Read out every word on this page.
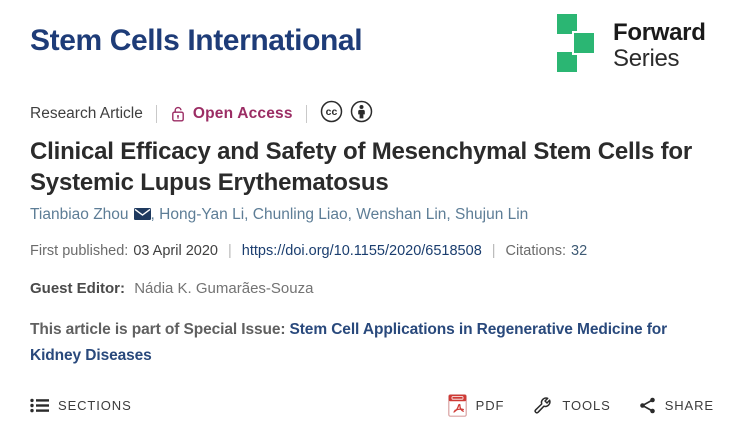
Stem Cells International	Forward
Series
Research Article	Open Access	cc
Clinical Efficacy and Safety of Mesenchymal Stem Cells for Systemic Lupus Erythematosus
Tianbiao Zhou , Hong-Yan Li , Chunling Liao , Wenshan Lin , Shujun Lin
First published: 03 April 2020 | https://doi.org/10.1155/2020/6518508 | Citations: 32
Guest Editor: Nádia K. Gumarães-Souza
This article is part of Special Issue: Stem Cell Applications in Regenerative Medicine for Kidney Diseases
SECTIONS	PDF	TOOLS	SHARE
